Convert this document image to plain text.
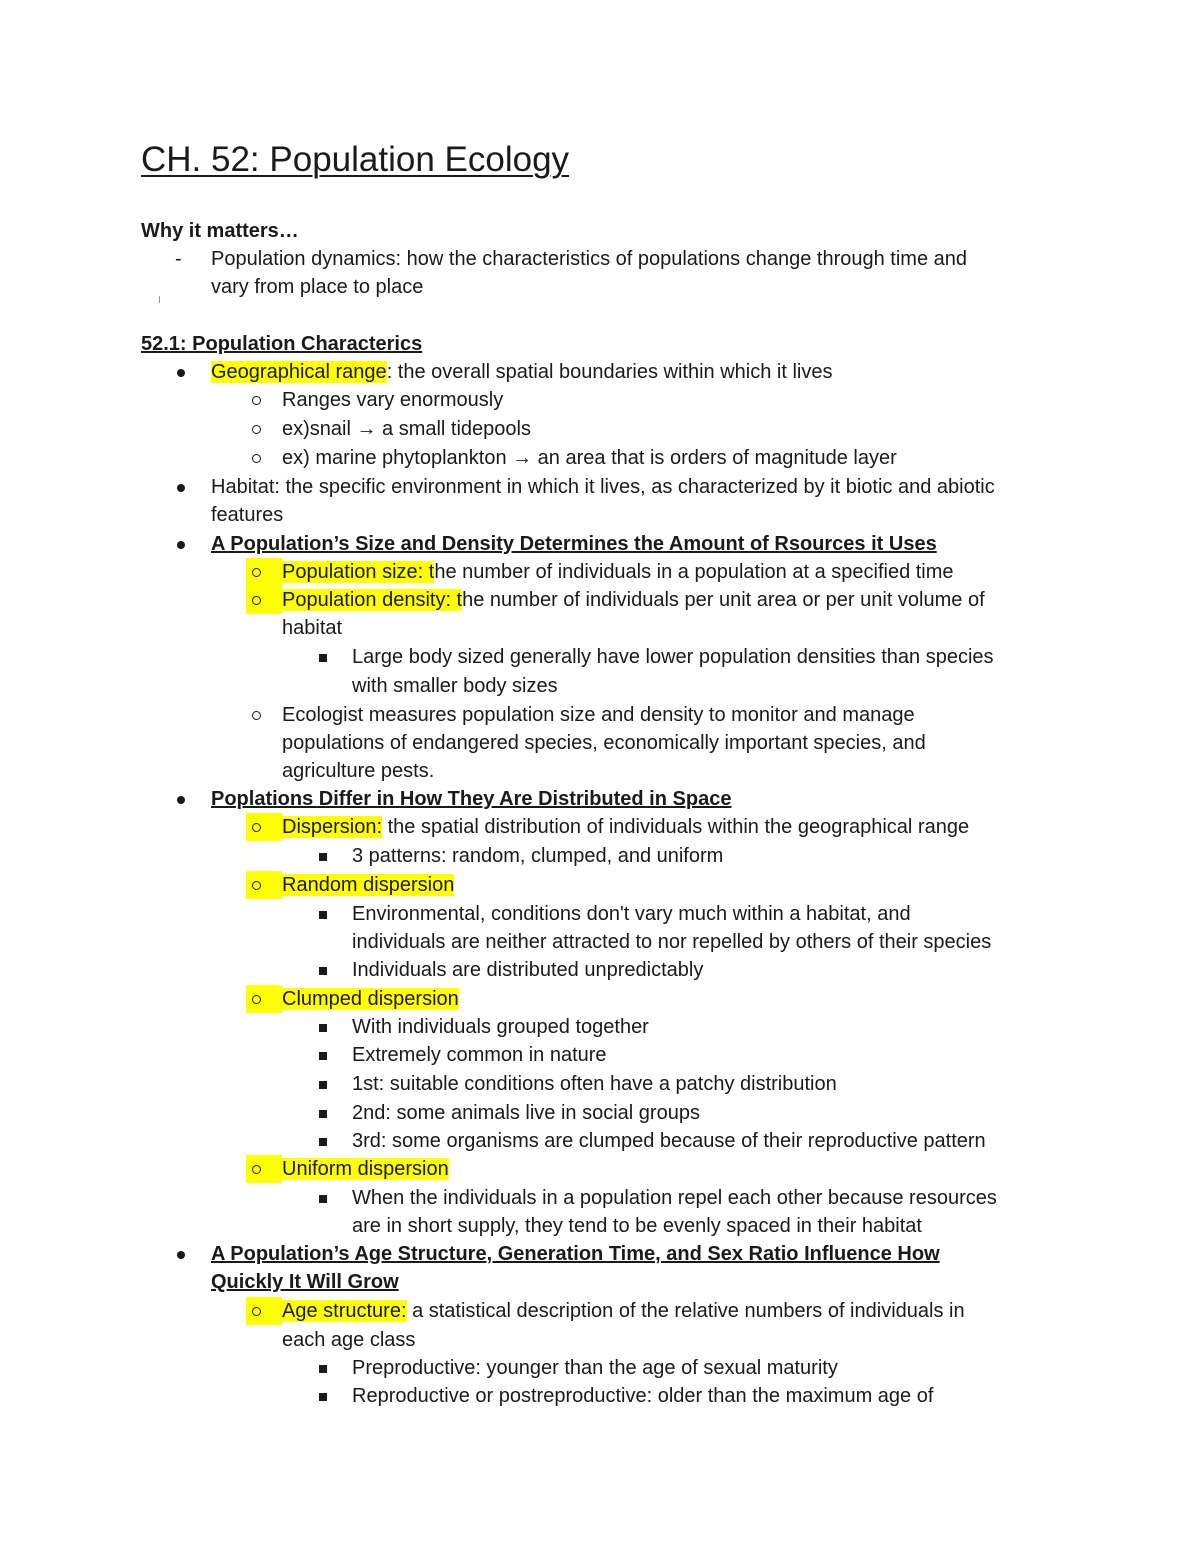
CH. 52: Population Ecology
Why it matters…
- Population dynamics: how the characteristics of populations change through time and
vary from place to place
52.1: Population Characterics
Geographical range: the overall spatial boundaries within which it lives
Ranges vary enormously
ex)snail → a small tidepools
ex) marine phytoplankton → an area that is orders of magnitude layer
Habitat: the specific environment in which it lives, as characterized by it biotic and abiotic
features
A Population’s Size and Density Determines the Amount of Rsources it Uses
Population size: the number of individuals in a population at a specified time
Population density: the number of individuals per unit area or per unit volume of
habitat
Large body sized generally have lower population densities than species
with smaller body sizes
Ecologist measures population size and density to monitor and manage
populations of endangered species, economically important species, and
agriculture pests.
Poplations Differ in How They Are Distributed in Space
Dispersion: the spatial distribution of individuals within the geographical range
3 patterns: random, clumped, and uniform
Random dispersion
Environmental, conditions don't vary much within a habitat, and
individuals are neither attracted to nor repelled by others of their species
Individuals are distributed unpredictably
Clumped dispersion
With individuals grouped together
Extremely common in nature
1st: suitable conditions often have a patchy distribution
2nd: some animals live in social groups
3rd: some organisms are clumped because of their reproductive pattern
Uniform dispersion
When the individuals in a population repel each other because resources
are in short supply, they tend to be evenly spaced in their habitat
A Population’s Age Structure, Generation Time, and Sex Ratio Influence How
Quickly It Will Grow
Age structure: a statistical description of the relative numbers of individuals in
each age class
Preproductive: younger than the age of sexual maturity
Reproductive or postreproductive: older than the maximum age of
